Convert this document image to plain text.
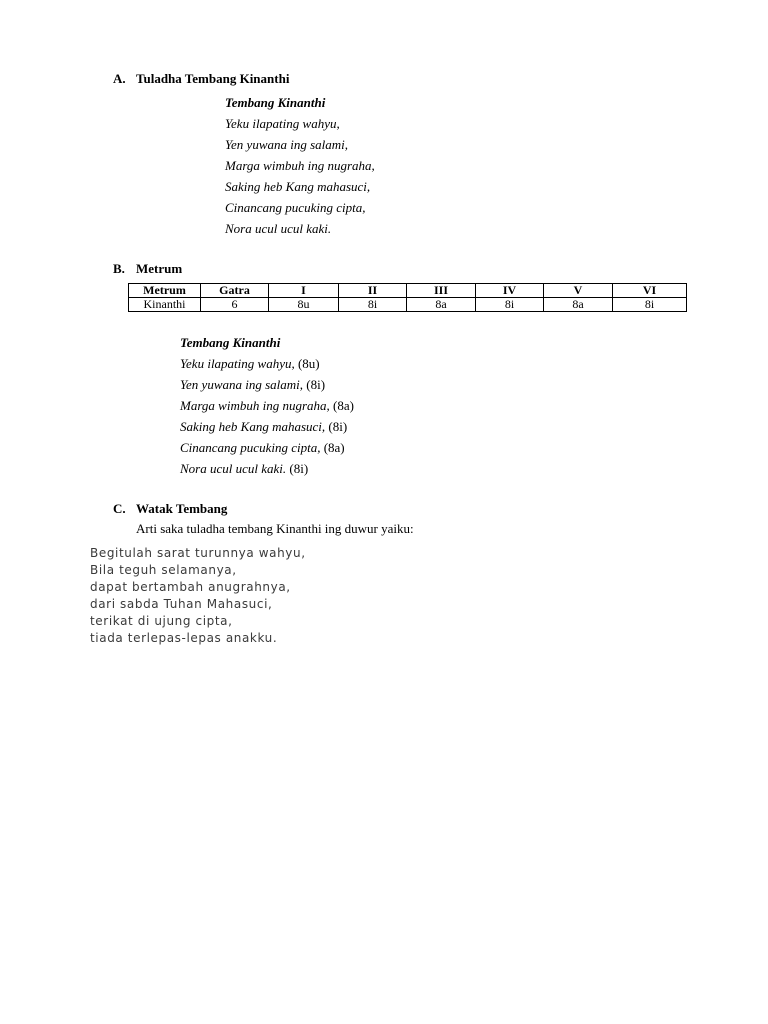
A. Tuladha Tembang Kinanthi
Tembang Kinanthi
Yeku ilapating wahyu,
Yen yuwana ing salami,
Marga wimbuh ing nugraha,
Saking heb Kang mahasuci,
Cinancang pucuking cipta,
Nora ucul ucul kaki.
B. Metrum
Metrum	Gatra	I	II	III	IV	V	VI
Kinanthi	6	8u	8i	8a	8i	8a	8i
Tembang Kinanthi
Yeku ilapating wahyu, (8u)
Yen yuwana ing salami, (8i)
Marga wimbuh ing nugraha, (8a)
Saking heb Kang mahasuci, (8i)
Cinancang pucuking cipta, (8a)
Nora ucul ucul kaki. (8i)
C. Watak Tembang
Arti saka tuladha tembang Kinanthi ing duwur yaiku:
Begitulah sarat turunnya wahyu,
Bila teguh selamanya,
dapat bertambah anugrahnya,
dari sabda Tuhan Mahasuci,
terikat di ujung cipta,
tiada terlepas-lepas anakku.
